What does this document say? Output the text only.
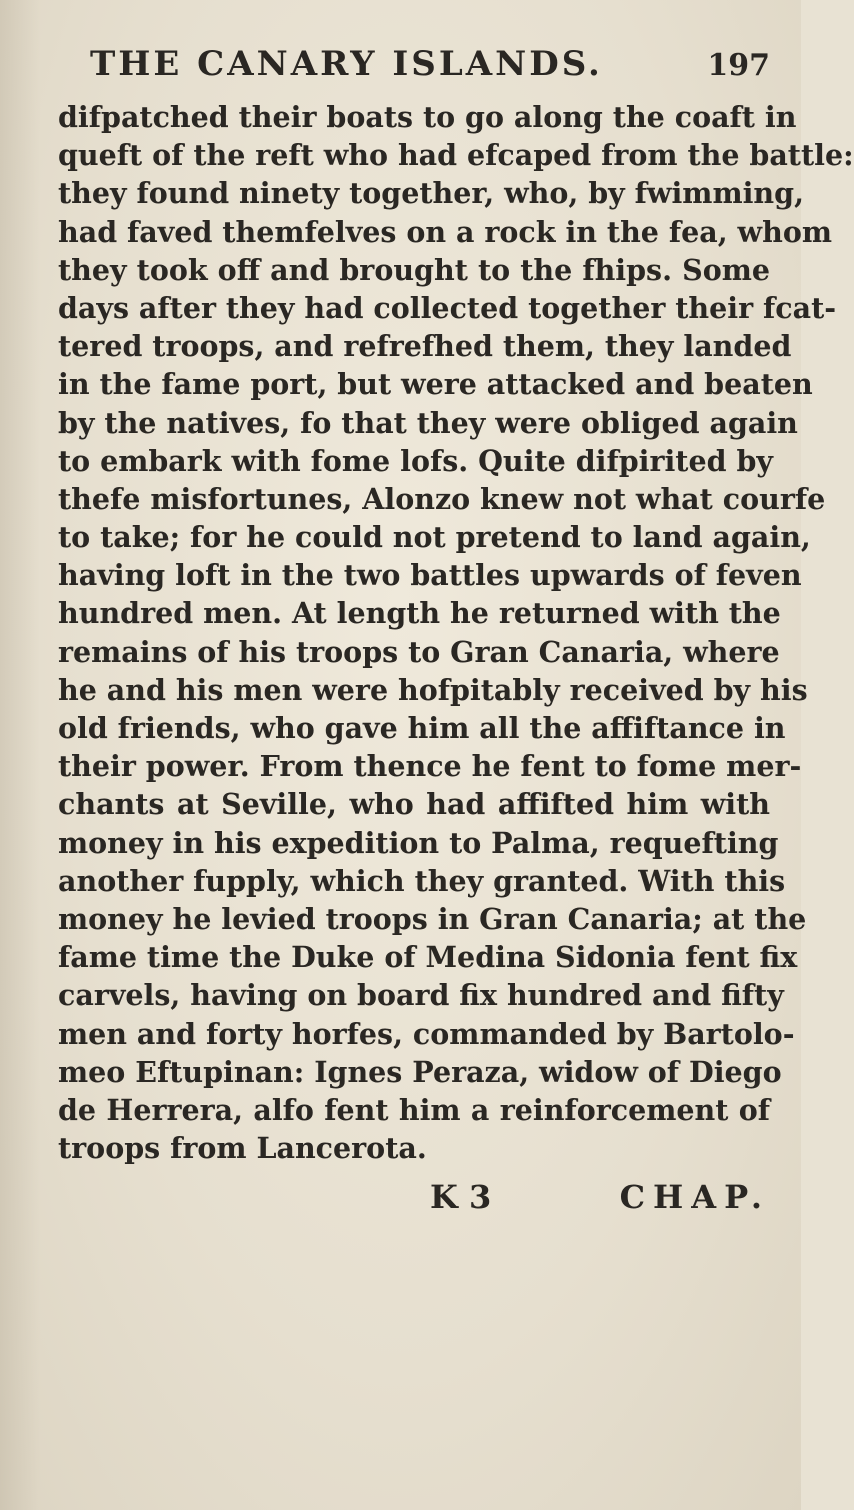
THE CANARY ISLANDS.	197
difpatched their boats to go along the coaft in
queft of the reft who had efcaped from the battle:
they found ninety together, who, by fwimming,
had faved themfelves on a rock in the fea, whom
they took off and brought to the fhips. Some
days after they had collected together their fcat-
tered troops, and refrefhed them, they landed
in the fame port, but were attacked and beaten
by the natives, fo that they were obliged again
to embark with fome lofs. Quite difpirited by
thefe misfortunes, Alonzo knew not what courfe
to take; for he could not pretend to land again,
having loft in the two battles upwards of feven
hundred men. At length he returned with the
remains of his troops to Gran Canaria, where
he and his men were hofpitably received by his
old friends, who gave him all the affiftance in
their power. From thence he fent to fome mer-
chants at Seville, who had affifted him with
money in his expedition to Palma, requefting
another fupply, which they granted. With this
money he levied troops in Gran Canaria; at the
fame time the Duke of Medina Sidonia fent fix
carvels, having on board fix hundred and fifty
men and forty horfes, commanded by Bartolo-
meo Eftupinan: Ignes Peraza, widow of Diego
de Herrera, alfo fent him a reinforcement of
troops from Lancerota.
K 3	CHAP.
